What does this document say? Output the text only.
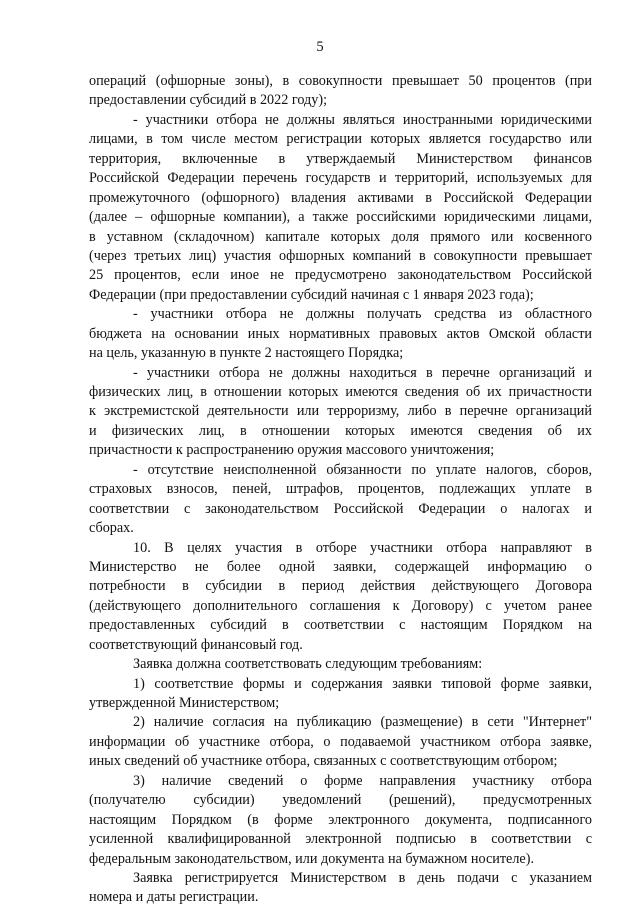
5
операций (офшорные зоны), в совокупности превышает 50 процентов (при
предоставлении субсидий в 2022 году);
- участники отбора не должны являться иностранными юридическими
лицами, в том числе местом регистрации которых является государство или
территория, включенные в утверждаемый Министерством финансов
Российской Федерации перечень государств и территорий, используемых для
промежуточного (офшорного) владения активами в Российской Федерации
(далее – офшорные компании), а также российскими юридическими лицами,
в уставном (складочном) капитале которых доля прямого или косвенного
(через третьих лиц) участия офшорных компаний в совокупности превышает
25 процентов, если иное не предусмотрено законодательством Российской
Федерации (при предоставлении субсидий начиная с 1 января 2023 года);
- участники отбора не должны получать средства из областного
бюджета на основании иных нормативных правовых актов Омской области
на цель, указанную в пункте 2 настоящего Порядка;
- участники отбора не должны находиться в перечне организаций и
физических лиц, в отношении которых имеются сведения об их причастности
к экстремистской деятельности или терроризму, либо в перечне организаций
и физических лиц, в отношении которых имеются сведения об их
причастности к распространению оружия массового уничтожения;
- отсутствие неисполненной обязанности по уплате налогов, сборов,
страховых взносов, пеней, штрафов, процентов, подлежащих уплате в
соответствии с законодательством Российской Федерации о налогах и
сборах.
10. В целях участия в отборе участники отбора направляют в
Министерство не более одной заявки, содержащей информацию о
потребности в субсидии в период действия действующего Договора
(действующего дополнительного соглашения к Договору) с учетом ранее
предоставленных субсидий в соответствии с настоящим Порядком на
соответствующий финансовый год.
Заявка должна соответствовать следующим требованиям:
1) соответствие формы и содержания заявки типовой форме заявки,
утвержденной Министерством;
2) наличие согласия на публикацию (размещение) в сети "Интернет"
информации об участнике отбора, о подаваемой участником отбора заявке,
иных сведений об участнике отбора, связанных с соответствующим отбором;
3) наличие сведений о форме направления участнику отбора
(получателю субсидии) уведомлений (решений), предусмотренных
настоящим Порядком (в форме электронного документа, подписанного
усиленной квалифицированной электронной подписью в соответствии с
федеральным законодательством, или документа на бумажном носителе).
Заявка регистрируется Министерством в день подачи с указанием
номера и даты регистрации.
